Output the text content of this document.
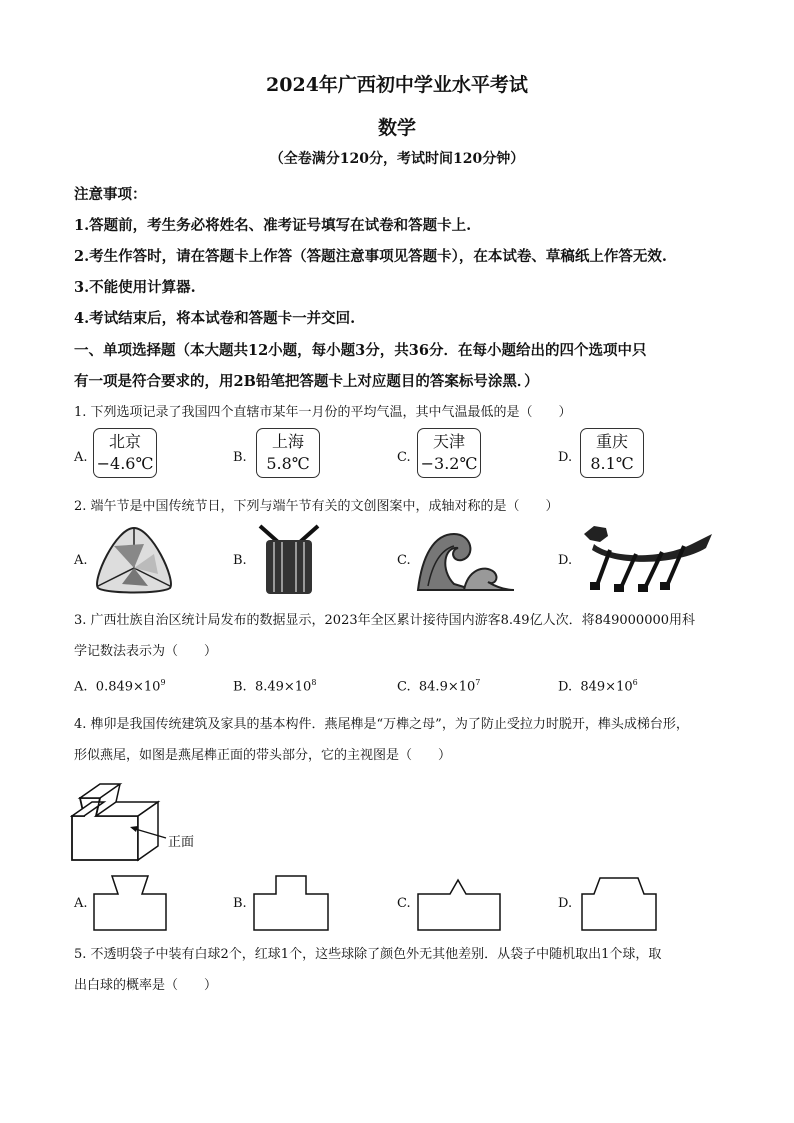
2024年广西初中学业水平考试
数学
（全卷满分120分，考试时间120分钟）
注意事项：
1.答题前，考生务必将姓名、准考证号填写在试卷和答题卡上.
2.考生作答时，请在答题卡上作答（答题注意事项见答题卡），在本试卷、草稿纸上作答无效.
3.不能使用计算器.
4.考试结束后，将本试卷和答题卡一并交回.
一、单项选择题（本大题共12小题，每小题3分，共36分．在每小题给出的四个选项中只
有一项是符合要求的，用2B铅笔把答题卡上对应题目的答案标号涂黑．）
1. 下列选项记录了我国四个直辖市某年一月份的平均气温，其中气温最低的是（　　）
A.
北京
−4.6℃	B.
上海
5.8℃	C.
天津
−3.2℃	D.
重庆
8.1℃
2. 端午节是中国传统节日，下列与端午节有关的文创图案中，成轴对称的是（　　）
A.	B.	C.	D.
3. 广西壮族自治区统计局发布的数据显示，2023年全区累计接待国内游客8.49亿人次．将849000000用科
学记数法表示为（　　）
A. $0.849\times 10^9$	B. $8.49\times 10^8$	C. $84.9\times 10^7$	D. $849\times 10^6$
4. 榫卯是我国传统建筑及家具的基本构件．燕尾榫是“万榫之母”，为了防止受拉力时脱开，榫头成梯台形，
形似燕尾，如图是燕尾榫正面的带头部分，它的主视图是（　　）
正面
A.	B.	C.	D.
5. 不透明袋子中装有白球2个，红球1个，这些球除了颜色外无其他差别．从袋子中随机取出1个球，取
出白球的概率是（　　）
